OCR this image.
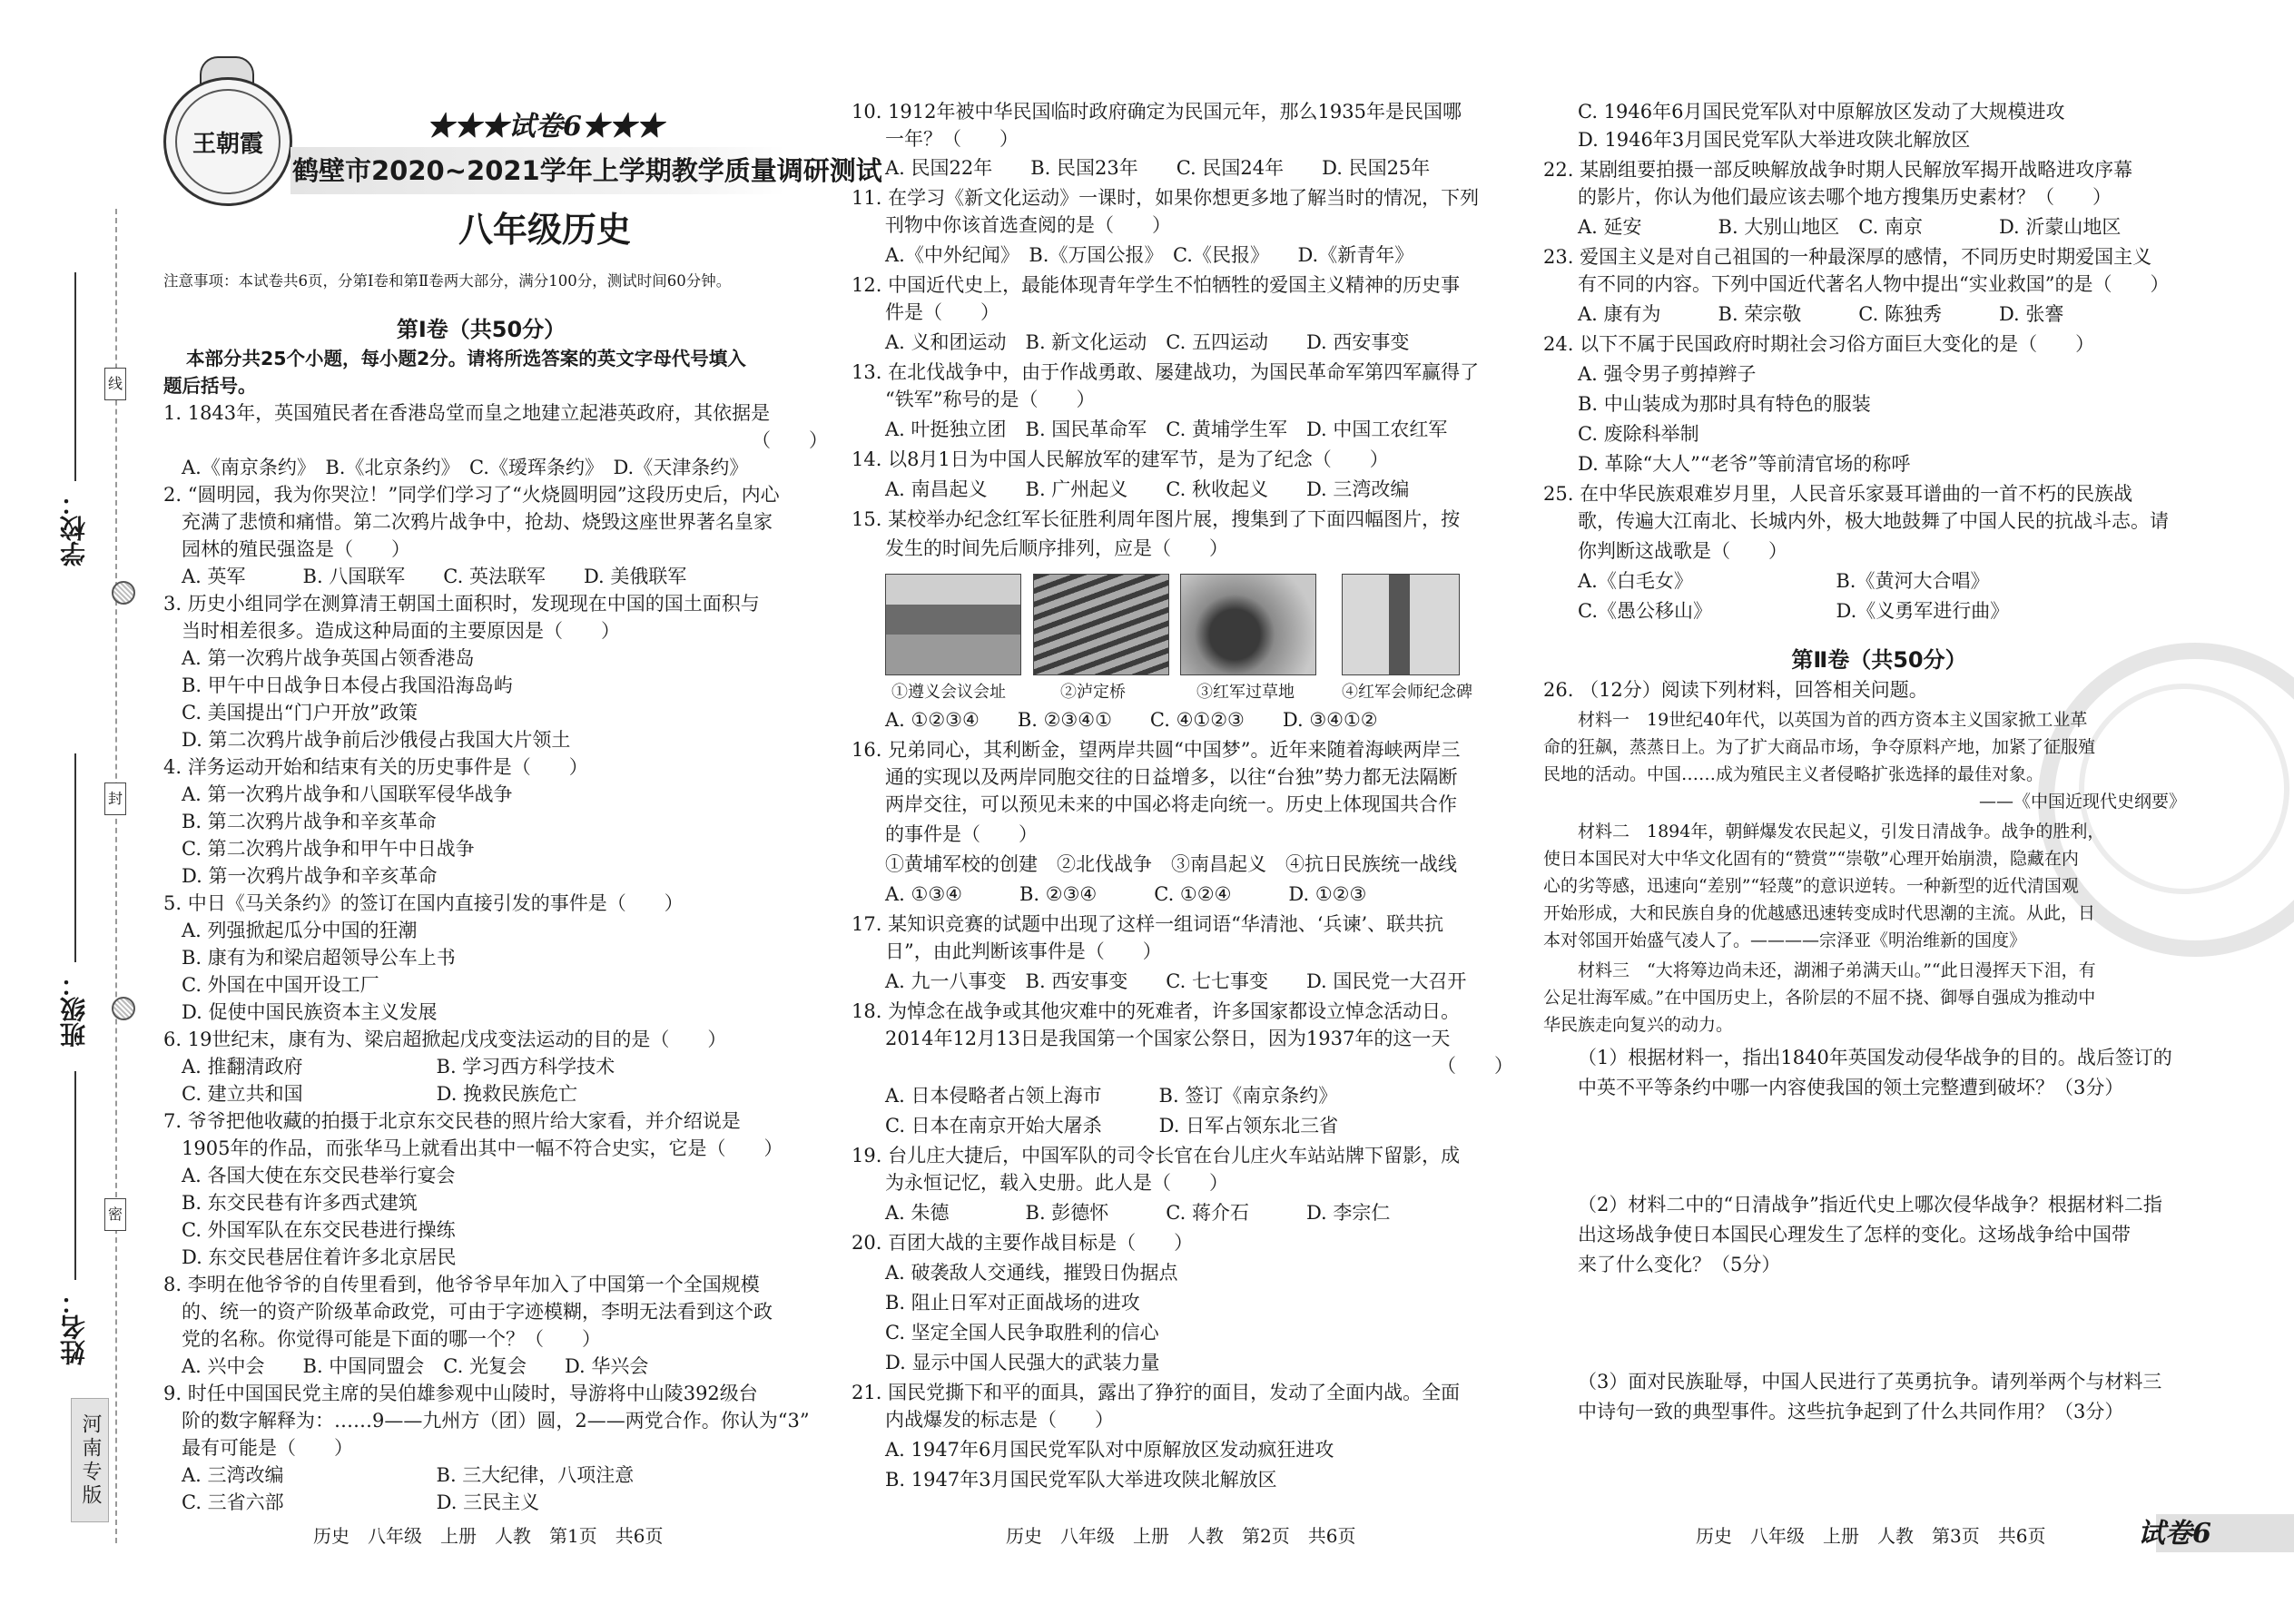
学校：
班级：
姓名：
线
封
密
河南专版
王朝霞
★★★试卷6★★★
鹤壁市2020~2021学年上学期教学质量调研测试
八年级历史
注意事项：本试卷共6页，分第Ⅰ卷和第Ⅱ卷两大部分，满分100分，测试时间60分钟。
第Ⅰ卷（共50分）
本部分共25个小题，每小题2分。请将所选答案的英文字母代号填入
题后括号。
1. 1843年，英国殖民者在香港岛堂而皇之地建立起港英政府，其依据是
（　　）
A.《南京条约》　B.《北京条约》　C.《瑷珲条约》　D.《天津条约》
2. “圆明园，我为你哭泣！”同学们学习了“火烧圆明园”这段历史后，内心
充满了悲愤和痛惜。第二次鸦片战争中，抢劫、烧毁这座世界著名皇家
园林的殖民强盗是（　　）
A. 英军　　　B. 八国联军　　C. 英法联军　　D. 美俄联军
3. 历史小组同学在测算清王朝国土面积时，发现现在中国的国土面积与
当时相差很多。造成这种局面的主要原因是（　　）
A. 第一次鸦片战争英国占领香港岛
B. 甲午中日战争日本侵占我国沿海岛屿
C. 美国提出“门户开放”政策
D. 第二次鸦片战争前后沙俄侵占我国大片领土
4. 洋务运动开始和结束有关的历史事件是（　　）
A. 第一次鸦片战争和八国联军侵华战争
B. 第二次鸦片战争和辛亥革命
C. 第二次鸦片战争和甲午中日战争
D. 第一次鸦片战争和辛亥革命
5. 中日《马关条约》的签订在国内直接引发的事件是（　　）
A. 列强掀起瓜分中国的狂潮
B. 康有为和梁启超领导公车上书
C. 外国在中国开设工厂
D. 促使中国民族资本主义发展
6. 19世纪末，康有为、梁启超掀起戊戌变法运动的目的是（　　）
A. 推翻清政府　　　　　　　B. 学习西方科学技术
C. 建立共和国　　　　　　　D. 挽救民族危亡
7. 爷爷把他收藏的拍摄于北京东交民巷的照片给大家看，并介绍说是
1905年的作品，而张华马上就看出其中一幅不符合史实，它是（　　）
A. 各国大使在东交民巷举行宴会
B. 东交民巷有许多西式建筑
C. 外国军队在东交民巷进行操练
D. 东交民巷居住着许多北京居民
8. 李明在他爷爷的自传里看到，他爷爷早年加入了中国第一个全国规模
的、统一的资产阶级革命政党，可由于字迹模糊，李明无法看到这个政
党的名称。你觉得可能是下面的哪一个？（　　）
A. 兴中会　　B. 中国同盟会　C. 光复会　　D. 华兴会
9. 时任中国国民党主席的吴伯雄参观中山陵时，导游将中山陵392级台
阶的数字解释为：……9——九州方（团）圆，2——两党合作。你认为“3”
最有可能是（　　）
A. 三湾改编　　　　　　　　B. 三大纪律，八项注意
C. 三省六部　　　　　　　　D. 三民主义
10. 1912年被中华民国临时政府确定为民国元年，那么1935年是民国哪
一年？（　　）
A. 民国22年　　B. 民国23年　　C. 民国24年　　D. 民国25年
11. 在学习《新文化运动》一课时，如果你想更多地了解当时的情况，下列
刊物中你该首选查阅的是（　　）
A.《中外纪闻》　B.《万国公报》　C.《民报》　　D.《新青年》
12. 中国近代史上，最能体现青年学生不怕牺牲的爱国主义精神的历史事
件是（　　）
A. 义和团运动　B. 新文化运动　C. 五四运动　　D. 西安事变
13. 在北伐战争中，由于作战勇敢、屡建战功，为国民革命军第四军赢得了
“铁军”称号的是（　　）
A. 叶挺独立团　B. 国民革命军　C. 黄埔学生军　D. 中国工农红军
14. 以8月1日为中国人民解放军的建军节，是为了纪念（　　）
A. 南昌起义　　B. 广州起义　　C. 秋收起义　　D. 三湾改编
15. 某校举办纪念红军长征胜利周年图片展，搜集到了下面四幅图片，按
发生的时间先后顺序排列，应是（　　）
①遵义会议会址	②泸定桥	③红军过草地	④红军会师纪念碑
A. ①②③④　　B. ②③④①　　C. ④①②③　　D. ③④①②
16. 兄弟同心，其利断金，望两岸共圆“中国梦”。近年来随着海峡两岸三
通的实现以及两岸同胞交往的日益增多，以往“台独”势力都无法隔断
两岸交往，可以预见未来的中国必将走向统一。历史上体现国共合作
的事件是（　　）
①黄埔军校的创建　②北伐战争　③南昌起义　④抗日民族统一战线
A. ①③④　　　B. ②③④　　　C. ①②④　　　D. ①②③
17. 某知识竞赛的试题中出现了这样一组词语“华清池、‘兵谏’、联共抗
日”，由此判断该事件是（　　）
A. 九一八事变　B. 西安事变　　C. 七七事变　　D. 国民党一大召开
18. 为悼念在战争或其他灾难中的死难者，许多国家都设立悼念活动日。
2014年12月13日是我国第一个国家公祭日，因为1937年的这一天
（　　）
A. 日本侵略者占领上海市　　　B. 签订《南京条约》
C. 日本在南京开始大屠杀　　　D. 日军占领东北三省
19. 台儿庄大捷后，中国军队的司令长官在台儿庄火车站站牌下留影，成
为永恒记忆，载入史册。此人是（　　）
A. 朱德　　　　B. 彭德怀　　　C. 蒋介石　　　D. 李宗仁
20. 百团大战的主要作战目标是（　　）
A. 破袭敌人交通线，摧毁日伪据点
B. 阻止日军对正面战场的进攻
C. 坚定全国人民争取胜利的信心
D. 显示中国人民强大的武装力量
21. 国民党撕下和平的面具，露出了狰狞的面目，发动了全面内战。全面
内战爆发的标志是（　　）
A. 1947年6月国民党军队对中原解放区发动疯狂进攻
B. 1947年3月国民党军队大举进攻陕北解放区
C. 1946年6月国民党军队对中原解放区发动了大规模进攻
D. 1946年3月国民党军队大举进攻陕北解放区
22. 某剧组要拍摄一部反映解放战争时期人民解放军揭开战略进攻序幕
的影片，你认为他们最应该去哪个地方搜集历史素材？（　　）
A. 延安　　　　B. 大别山地区　C. 南京　　　　D. 沂蒙山地区
23. 爱国主义是对自己祖国的一种最深厚的感情，不同历史时期爱国主义
有不同的内容。下列中国近代著名人物中提出“实业救国”的是（　　）
A. 康有为　　　B. 荣宗敬　　　C. 陈独秀　　　D. 张謇
24. 以下不属于民国政府时期社会习俗方面巨大变化的是（　　）
A. 强令男子剪掉辫子
B. 中山装成为那时具有特色的服装
C. 废除科举制
D. 革除“大人”“老爷”等前清官场的称呼
25. 在中华民族艰难岁月里，人民音乐家聂耳谱曲的一首不朽的民族战
歌，传遍大江南北、长城内外，极大地鼓舞了中国人民的抗战斗志。请
你判断这战歌是（　　）
A.《白毛女》　　　　　　　　B.《黄河大合唱》
C.《愚公移山》　　　　　　　D.《义勇军进行曲》
第Ⅱ卷（共50分）
26. （12分）阅读下列材料，回答相关问题。
材料一　19世纪40年代，以英国为首的西方资本主义国家掀工业革
命的狂飙，蒸蒸日上。为了扩大商品市场，争夺原料产地，加紧了征服殖
民地的活动。中国……成为殖民主义者侵略扩张选择的最佳对象。
——《中国近现代史纲要》
材料二　1894年，朝鲜爆发农民起义，引发日清战争。战争的胜利，
使日本国民对大中华文化固有的“赞赏”“崇敬”心理开始崩溃，隐藏在内
心的劣等感，迅速向“差别”“轻蔑”的意识逆转。一种新型的近代清国观
开始形成，大和民族自身的优越感迅速转变成时代思潮的主流。从此，日
本对邻国开始盛气凌人了。————宗泽亚《明治维新的国度》
材料三　“大将筹边尚未还，湖湘子弟满天山。”“此日漫挥天下泪，有
公足壮海军威。”在中国历史上，各阶层的不屈不挠、御辱自强成为推动中
华民族走向复兴的动力。
（1）根据材料一，指出1840年英国发动侵华战争的目的。战后签订的
中英不平等条约中哪一内容使我国的领土完整遭到破坏？（3分）
（2）材料二中的“日清战争”指近代史上哪次侵华战争？根据材料二指
出这场战争使日本国民心理发生了怎样的变化。这场战争给中国带
来了什么变化？（5分）
（3）面对民族耻辱，中国人民进行了英勇抗争。请列举两个与材料三
中诗句一致的典型事件。这些抗争起到了什么共同作用？（3分）
历史　八年级　上册　人教　第1页　共6页	历史　八年级　上册　人教　第2页　共6页	历史　八年级　上册　人教　第3页　共6页	试卷6
